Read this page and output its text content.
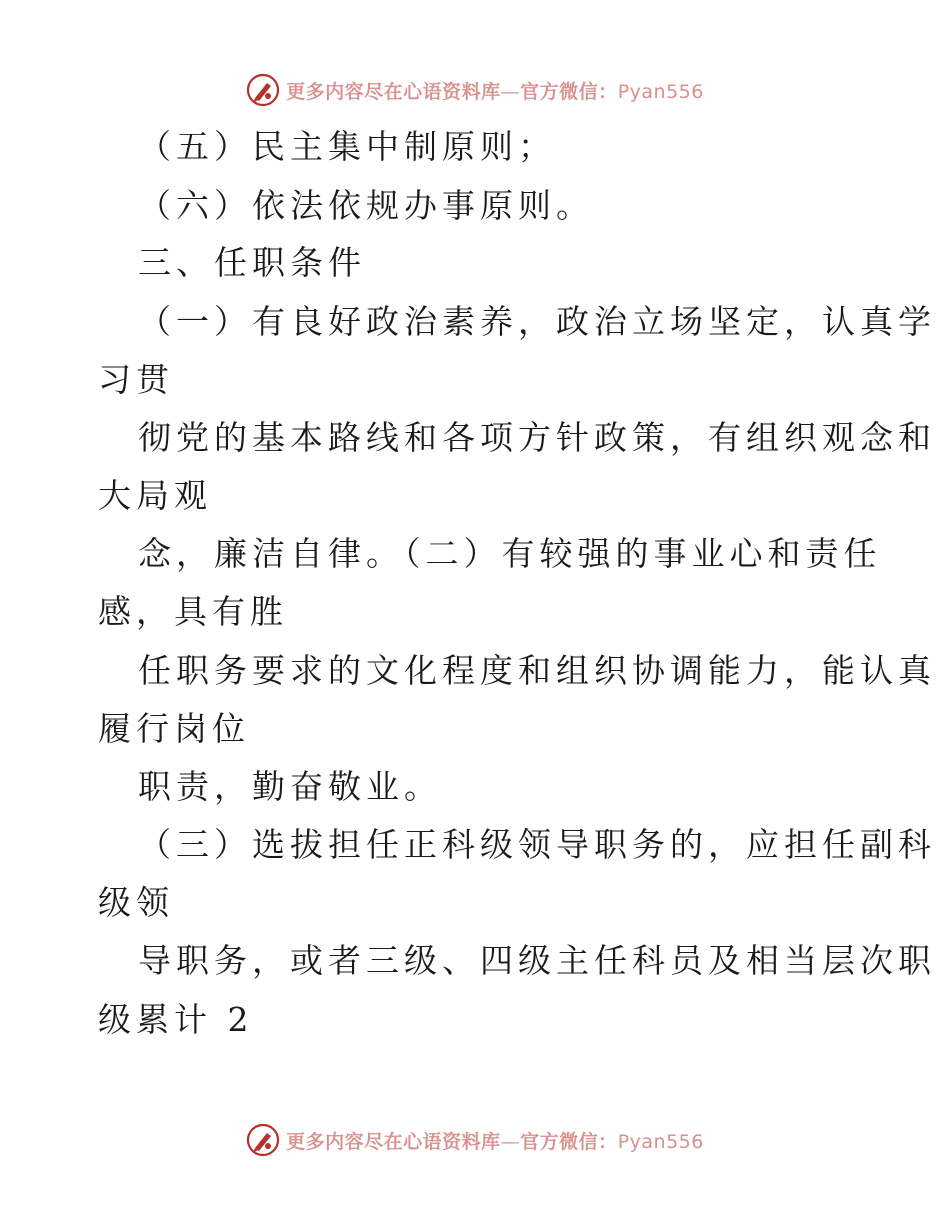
更多内容尽在心语资料库—官方微信：Pyan556
（五）民主集中制原则；
（六）依法依规办事原则。
三、任职条件
（一）有良好政治素养，政治立场坚定，认真学
习贯
彻党的基本路线和各项方针政策，有组织观念和
大局观
念，廉洁自律。（二）有较强的事业心和责任
感，具有胜
任职务要求的文化程度和组织协调能力，能认真
履行岗位
职责，勤奋敬业。
（三）选拔担任正科级领导职务的，应担任副科
级领
导职务，或者三级、四级主任科员及相当层次职
级累计 2
更多内容尽在心语资料库—官方微信：Pyan556
